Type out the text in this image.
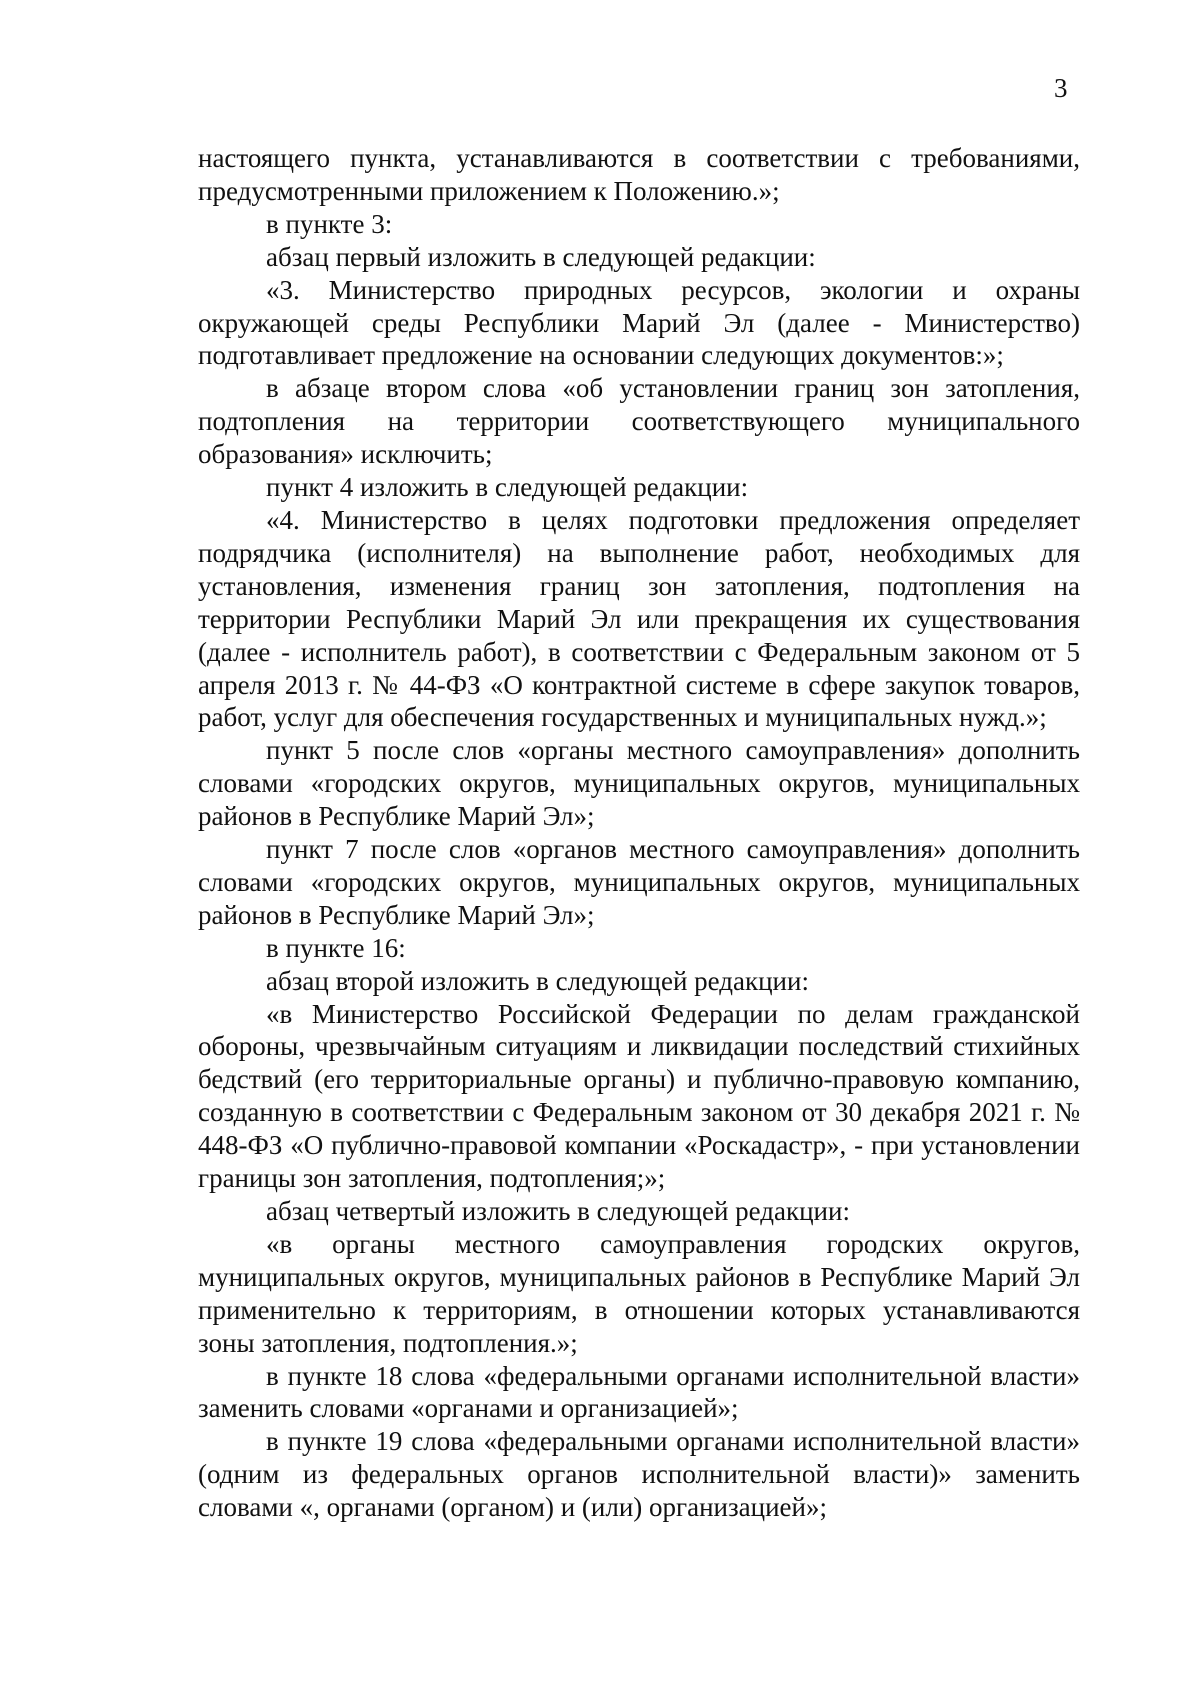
3

настоящего пункта, устанавливаются в соответствии с требованиями, предусмотренными приложением к Положению.»;

в пункте 3:

абзац первый изложить в следующей редакции:

«3. Министерство природных ресурсов, экологии и охраны окружающей среды Республики Марий Эл (далее - Министерство) подготавливает предложение на основании следующих документов:»;

в абзаце втором слова «об установлении границ зон затопления, подтопления на территории соответствующего муниципального образования» исключить;

пункт 4 изложить в следующей редакции:

«4. Министерство в целях подготовки предложения определяет подрядчика (исполнителя) на выполнение работ, необходимых для установления, изменения границ зон затопления, подтопления на территории Республики Марий Эл или прекращения их существования (далее - исполнитель работ), в соответствии с Федеральным законом от 5 апреля 2013 г. № 44-ФЗ «О контрактной системе в сфере закупок товаров, работ, услуг для обеспечения государственных и муниципальных нужд.»;

пункт 5 после слов «органы местного самоуправления» дополнить словами «городских округов, муниципальных округов, муниципальных районов в Республике Марий Эл»;

пункт 7 после слов «органов местного самоуправления» дополнить словами «городских округов, муниципальных округов, муниципальных районов в Республике Марий Эл»;

в пункте 16:

абзац второй изложить в следующей редакции:

«в Министерство Российской Федерации по делам гражданской обороны, чрезвычайным ситуациям и ликвидации последствий стихийных бедствий (его территориальные органы) и публично-правовую компанию, созданную в соответствии с Федеральным законом от 30 декабря 2021 г. № 448-ФЗ «О публично-правовой компании «Роскадастр», - при установлении границы зон затопления, подтопления;»;

абзац четвертый изложить в следующей редакции:

«в органы местного самоуправления городских округов, муниципальных округов, муниципальных районов в Республике Марий Эл применительно к территориям, в отношении которых устанавливаются зоны затопления, подтопления.»;

в пункте 18 слова «федеральными органами исполнительной власти» заменить словами «органами и организацией»;

в пункте 19 слова «федеральными органами исполнительной власти» (одним из федеральных органов исполнительной власти)» заменить словами «, органами (органом) и (или) организацией»;
